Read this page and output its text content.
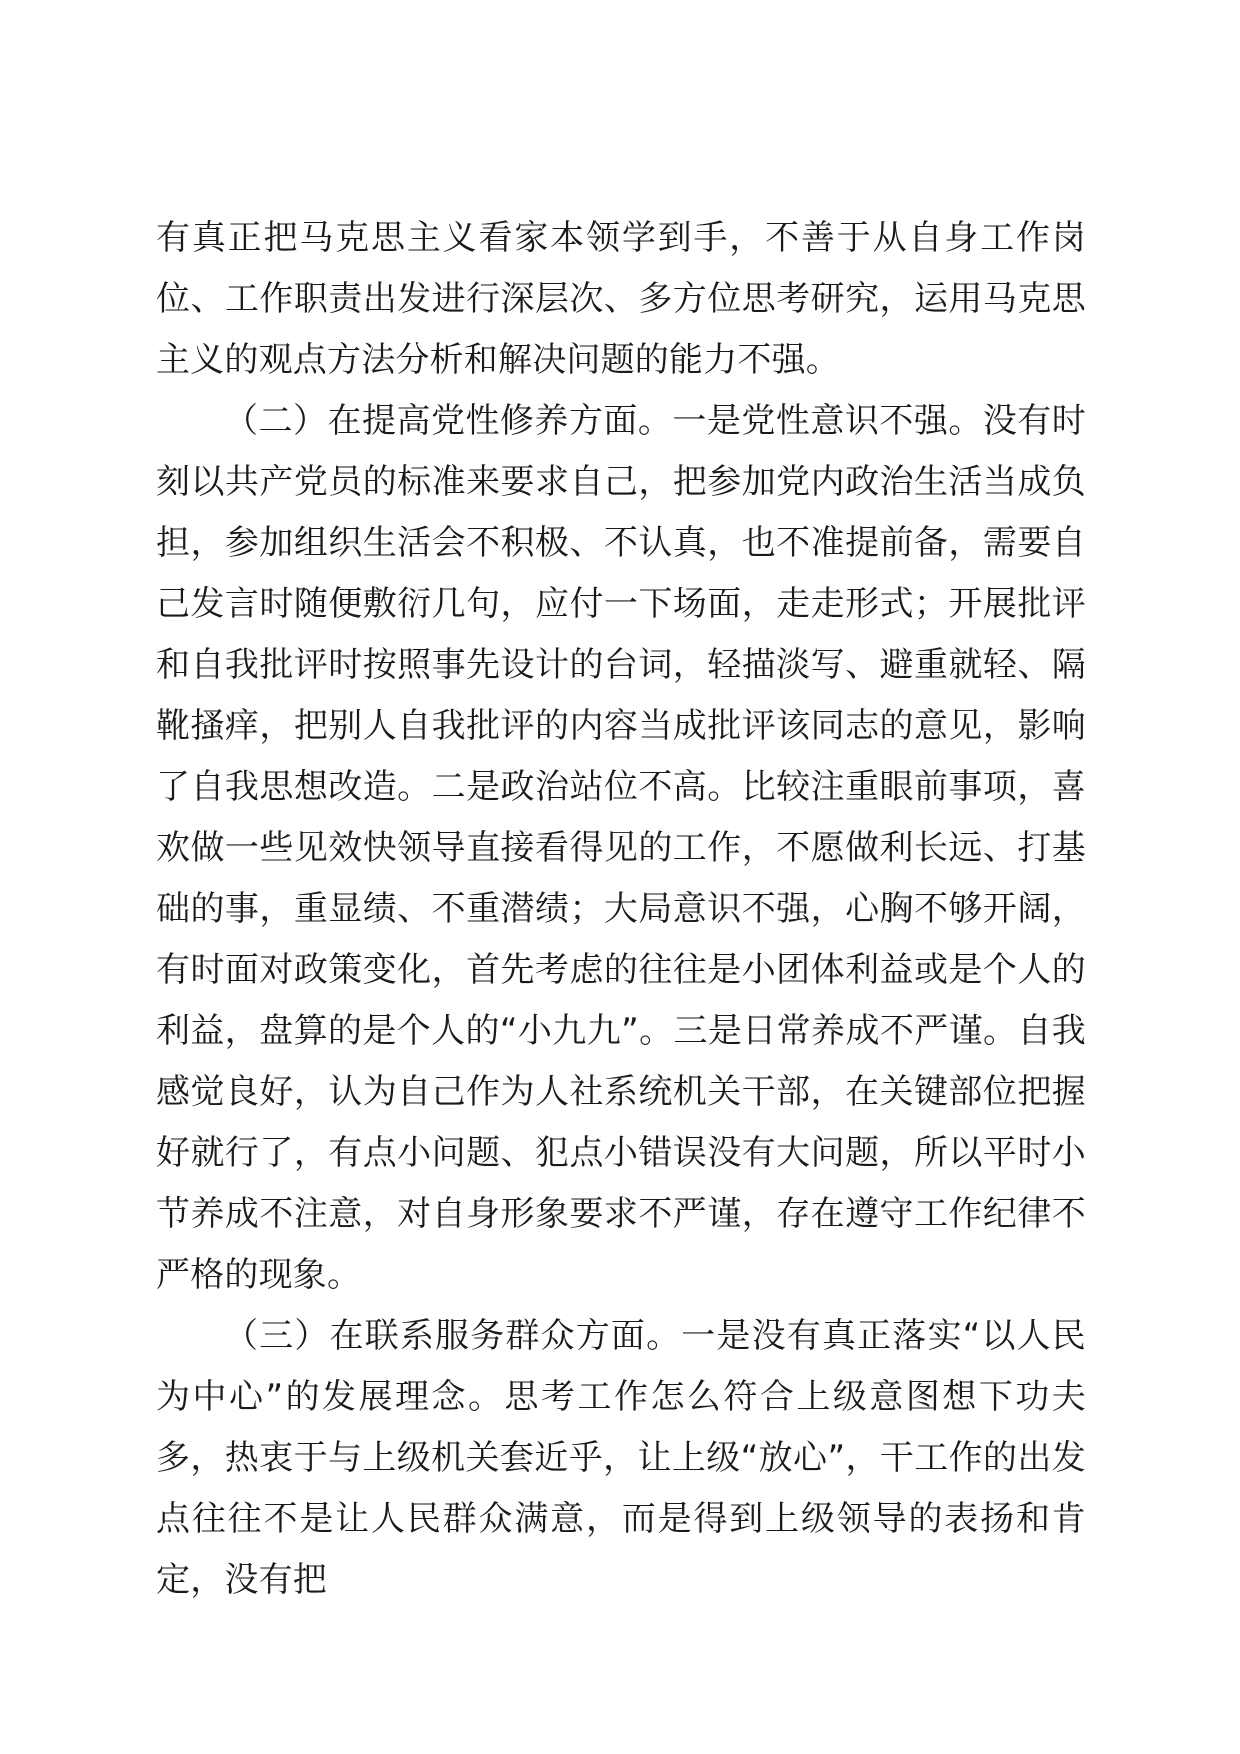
有真正把马克思主义看家本领学到手，不善于从自身工作岗位、工作职责出发进行深层次、多方位思考研究，运用马克思主义的观点方法分析和解决问题的能力不强。

（二）在提高党性修养方面。一是党性意识不强。没有时刻以共产党员的标准来要求自己，把参加党内政治生活当成负担，参加组织生活会不积极、不认真，也不准提前备，需要自己发言时随便敷衍几句，应付一下场面，走走形式；开展批评和自我批评时按照事先设计的台词，轻描淡写、避重就轻、隔靴搔痒，把别人自我批评的内容当成批评该同志的意见，影响了自我思想改造。二是政治站位不高。比较注重眼前事项，喜欢做一些见效快领导直接看得见的工作，不愿做利长远、打基础的事，重显绩、不重潜绩；大局意识不强，心胸不够开阔，有时面对政策变化，首先考虑的往往是小团体利益或是个人的利益，盘算的是个人的“小九九”。三是日常养成不严谨。自我感觉良好，认为自己作为人社系统机关干部，在关键部位把握好就行了，有点小问题、犯点小错误没有大问题，所以平时小节养成不注意，对自身形象要求不严谨，存在遵守工作纪律不严格的现象。

（三）在联系服务群众方面。一是没有真正落实“以人民为中心”的发展理念。思考工作怎么符合上级意图想下功夫多，热衷于与上级机关套近乎，让上级“放心”，干工作的出发点往往不是让人民群众满意，而是得到上级领导的表扬和肯定，没有把
